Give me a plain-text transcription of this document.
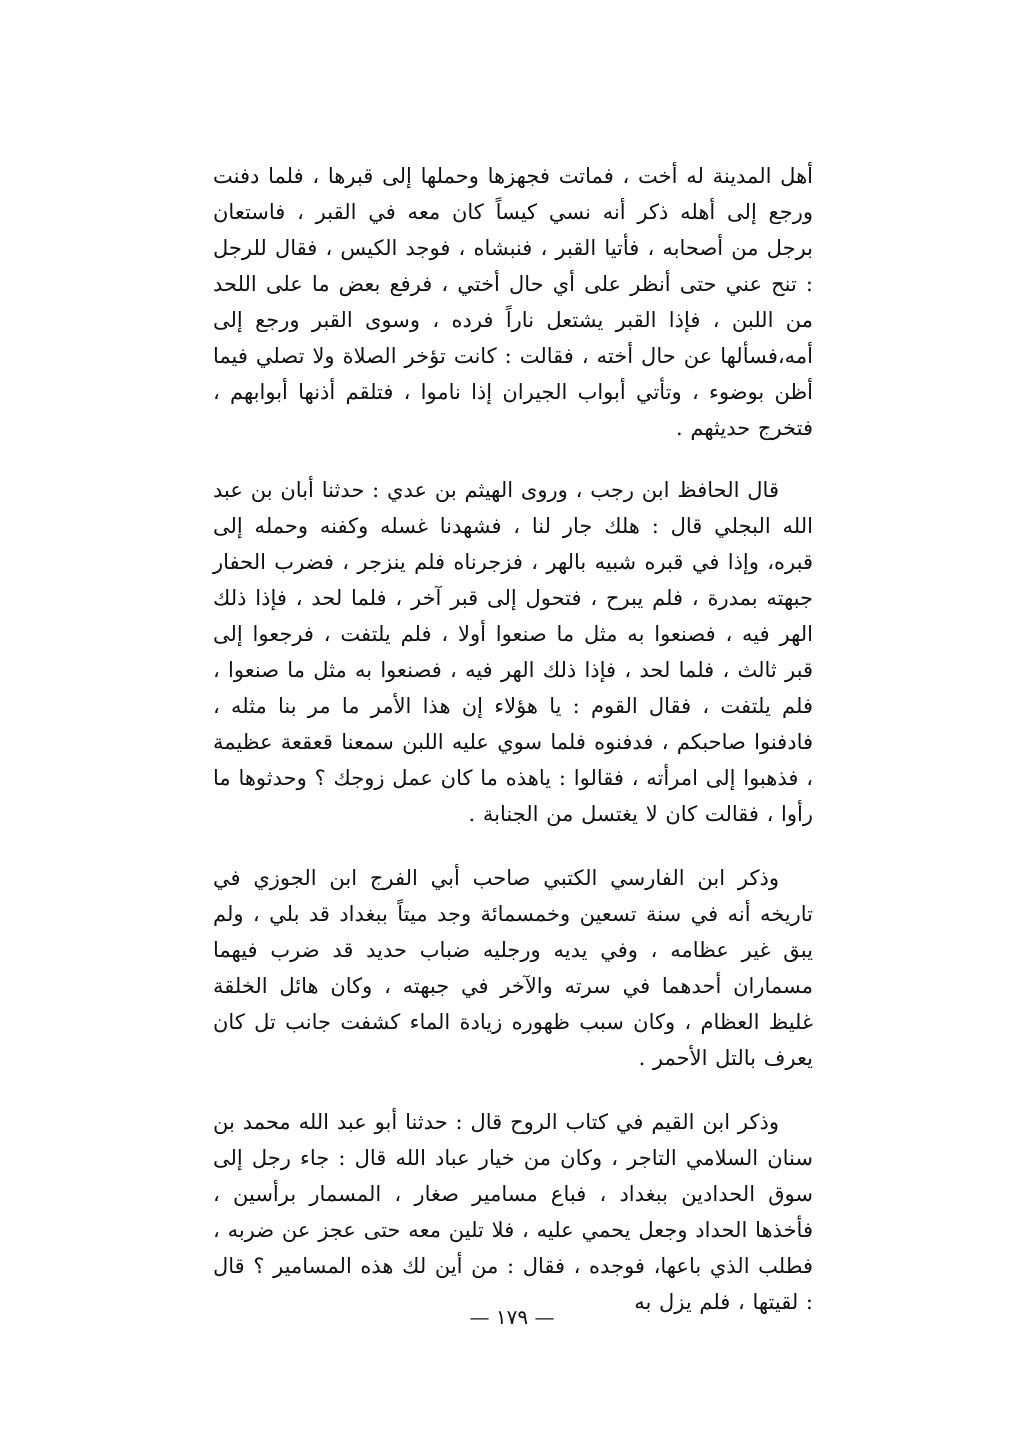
أهل المدينة له أخت ، فماتت فجهزها وحملها إلى قبرها ، فلما دفنت ورجع إلى أهله ذكر أنه نسي كيساً كان معه في القبر ، فاستعان برجل من أصحابه ، فأتيا القبر ، فنبشاه ، فوجد الكيس ، فقال للرجل : تنح عني حتى أنظر على أي حال أختي ، فرفع بعض ما على اللحد من اللبن ، فإذا القبر يشتعل ناراً فرده ، وسوى القبر ورجع إلى أمه،فسألها عن حال أخته ، فقالت : كانت تؤخر الصلاة ولا تصلي فيما أظن بوضوء ، وتأتي أبواب الجيران إذا ناموا ، فتلقم أذنها أبوابهم ، فتخرج حديثهم .

قال الحافظ ابن رجب ، وروى الهيثم بن عدي : حدثنا أبان بن عبد الله البجلي قال : هلك جار لنا ، فشهدنا غسله وكفنه وحمله إلى قبره، وإذا في قبره شبيه بالهر ، فزجرناه فلم ينزجر ، فضرب الحفار جبهته بمدرة ، فلم يبرح ، فتحول إلى قبر آخر ، فلما لحد ، فإذا ذلك الهر فيه ، فصنعوا به مثل ما صنعوا أولا ، فلم يلتفت ، فرجعوا إلى قبر ثالث ، فلما لحد ، فإذا ذلك الهر فيه ، فصنعوا به مثل ما صنعوا ، فلم يلتفت ، فقال القوم : يا هؤلاء إن هذا الأمر ما مر بنا مثله ، فادفنوا صاحبكم ، فدفنوه فلما سوي عليه اللبن سمعنا قعقعة عظيمة ، فذهبوا إلى امرأته ، فقالوا : ياهذه ما كان عمل زوجك ؟ وحدثوها ما رأوا ، فقالت كان لا يغتسل من الجنابة .

وذكر ابن الفارسي الكتبي صاحب أبي الفرج ابن الجوزي في تاريخه أنه في سنة تسعين وخمسمائة وجد ميتاً ببغداد قد بلي ، ولم يبق غير عظامه ، وفي يديه ورجليه ضباب حديد قد ضرب فيهما مسماران أحدهما في سرته والآخر في جبهته ، وكان هائل الخلقة غليظ العظام ، وكان سبب ظهوره زيادة الماء كشفت جانب تل كان يعرف بالتل الأحمر .

وذكر ابن القيم في كتاب الروح قال : حدثنا أبو عبد الله محمد بن سنان السلامي التاجر ، وكان من خيار عباد الله قال : جاء رجل إلى سوق الحدادين ببغداد ، فباع مسامير صغار ، المسمار برأسين ، فأخذها الحداد وجعل يحمي عليه ، فلا تلين معه حتى عجز عن ضربه ، فطلب الذي باعها، فوجده ، فقال : من أين لك هذه المسامير ؟ قال : لقيتها ، فلم يزل به

— ١٧٩ —
